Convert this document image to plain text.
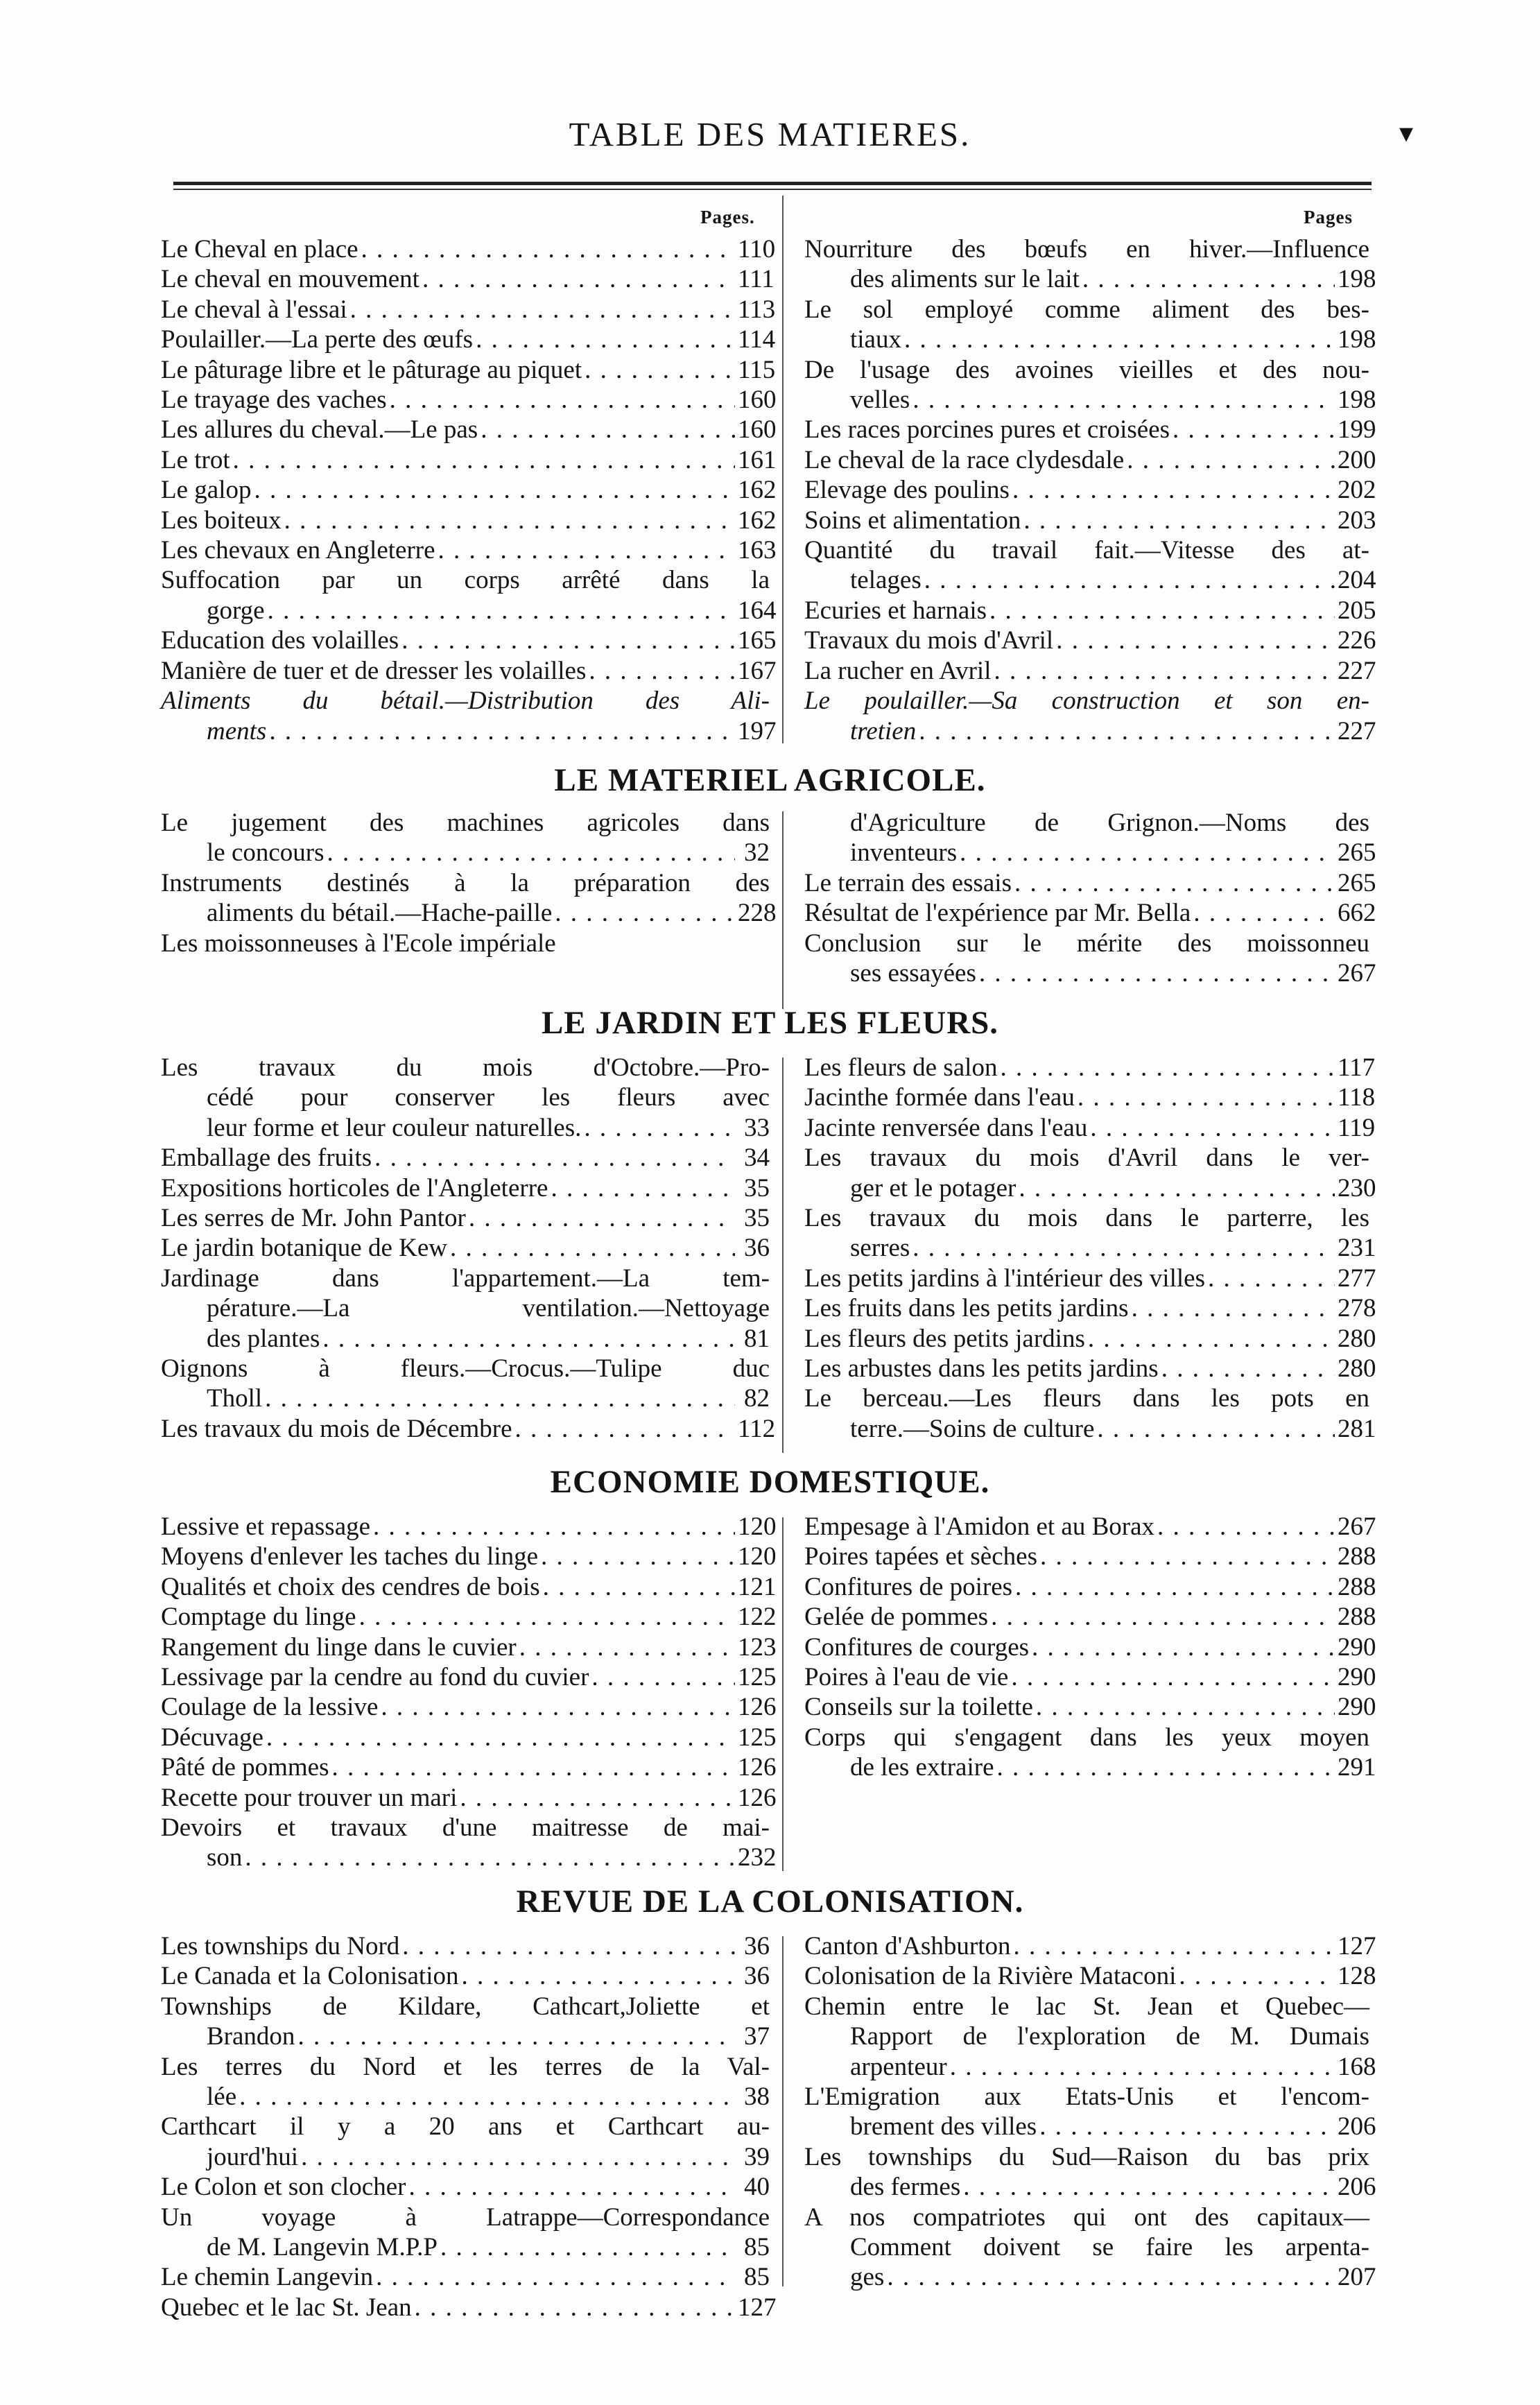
TABLE DES MATIERES.	▾
Pages.	Pages
Le Cheval en place . . .	110
Le cheval en mouvement . . .	111
Le cheval à l'essai . . .	113
Poulailler.—La perte des œufs . . .	114
Le pâturage libre et le pâturage au piquet . . .	115
Le trayage des vaches . . .	160
Les allures du cheval.—Le pas . . .	160
Le trot . . .	161
Le galop . . .	162
Les boiteux . . .	162
Les chevaux en Angleterre . . .	163
Suffocation par un corps arrêté dans la
gorge . . .	164
Education des volailles . . .	165
Manière de tuer et de dresser les volailles . . .	167
Aliments du bétail.—Distribution des Ali-
ments . . .	197
Nourriture des bœufs en hiver.—Influence
des aliments sur le lait . . .	198
Le sol employé comme aliment des bes-
tiaux . . .	198
De l'usage des avoines vieilles et des nou-
velles . . .	198
Les races porcines pures et croisées . . .	199
Le cheval de la race clydesdale . . .	200
Elevage des poulins . . .	202
Soins et alimentation . . .	203
Quantité du travail fait.—Vitesse des at-
telages . . .	204
Ecuries et harnais . . .	205
Travaux du mois d'Avril . . .	226
La rucher en Avril . . .	227
Le poulailler.—Sa construction et son en-
tretien . . .	227
LE MATERIEL AGRICOLE.
Le jugement des machines agricoles dans
le concours . . .	32
Instruments destinés à la préparation des
aliments du bétail.—Hache-paille . . .	228
Les moissonneuses à l'Ecole impériale
d'Agriculture de Grignon.—Noms des
inventeurs . . .	265
Le terrain des essais . . .	265
Résultat de l'expérience par Mr. Bella . . .	662
Conclusion sur le mérite des moissonneu
ses essayées . . .	267
LE JARDIN ET LES FLEURS.
Les travaux du mois d'Octobre.—Pro-
cédé pour conserver les fleurs avec
leur forme et leur couleur naturelles. . . .	33
Emballage des fruits . . .	34
Expositions horticoles de l'Angleterre . . .	35
Les serres de Mr. John Pantor . . .	35
Le jardin botanique de Kew . . .	36
Jardinage dans l'appartement.—La tem-
pérature.—La ventilation.—Nettoyage
des plantes . . .	81
Oignons à fleurs.—Crocus.—Tulipe duc
Tholl . . .	82
Les travaux du mois de Décembre . . .	112
Les fleurs de salon . . .	117
Jacinthe formée dans l'eau . . .	118
Jacinte renversée dans l'eau . . .	119
Les travaux du mois d'Avril dans le ver-
ger et le potager . . .	230
Les travaux du mois dans le parterre, les
serres . . .	231
Les petits jardins à l'intérieur des villes . . .	277
Les fruits dans les petits jardins . . .	278
Les fleurs des petits jardins . . .	280
Les arbustes dans les petits jardins . . .	280
Le berceau.—Les fleurs dans les pots en
terre.—Soins de culture . . .	281
ECONOMIE DOMESTIQUE.
Lessive et repassage . . .	120
Moyens d'enlever les taches du linge . . .	120
Qualités et choix des cendres de bois . . .	121
Comptage du linge . . .	122
Rangement du linge dans le cuvier . . .	123
Lessivage par la cendre au fond du cuvier . . .	125
Coulage de la lessive . . .	126
Décuvage . . .	125
Pâté de pommes . . .	126
Recette pour trouver un mari . . .	126
Devoirs et travaux d'une maitresse de mai-
son . . .	232
Empesage à l'Amidon et au Borax . . .	267
Poires tapées et sèches . . .	288
Confitures de poires . . .	288
Gelée de pommes . . .	288
Confitures de courges . . .	290
Poires à l'eau de vie . . .	290
Conseils sur la toilette . . .	290
Corps qui s'engagent dans les yeux moyen
de les extraire . . .	291
REVUE DE LA COLONISATION.
Les townships du Nord . . .	36
Le Canada et la Colonisation . . .	36
Townships de Kildare, Cathcart,Joliette et
Brandon . . .	37
Les terres du Nord et les terres de la Val-
lée . . .	38
Carthcart il y a 20 ans et Carthcart au-
jourd'hui . . .	39
Le Colon et son clocher . . .	40
Un voyage à Latrappe—Correspondance
de M. Langevin M.P.P . . .	85
Le chemin Langevin . . .	85
Quebec et le lac St. Jean . . .	127
Canton d'Ashburton . . .	127
Colonisation de la Rivière Mataconi . . .	128
Chemin entre le lac St. Jean et Quebec—
Rapport de l'exploration de M. Dumais
arpenteur . . .	168
L'Emigration aux Etats-Unis et l'encom-
brement des villes . . .	206
Les townships du Sud—Raison du bas prix
des fermes . . .	206
A nos compatriotes qui ont des capitaux—
Comment doivent se faire les arpenta-
ges . . .	207
